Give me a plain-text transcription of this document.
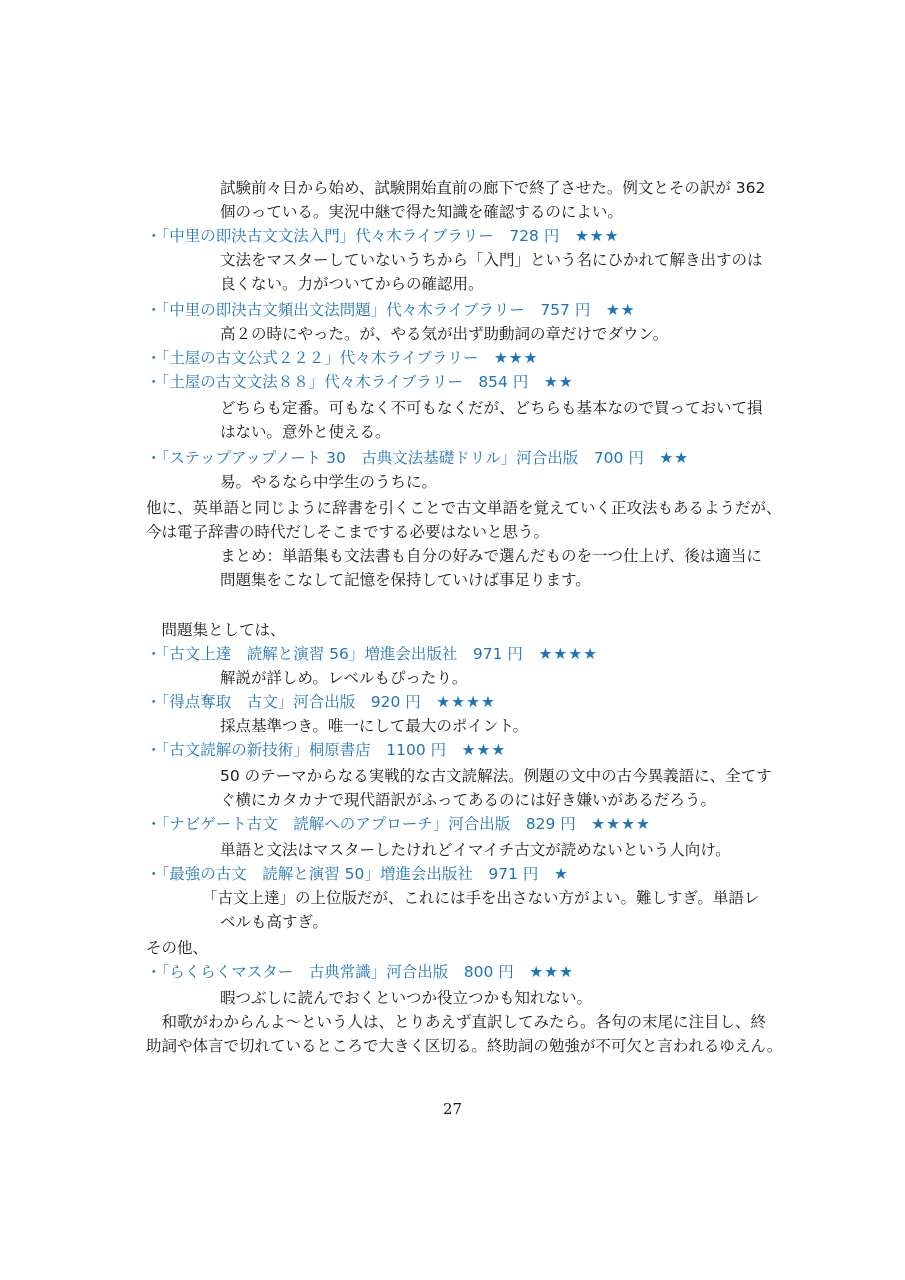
試験前々日から始め、試験開始直前の廊下で終了させた。例文とその訳が 362
個のっている。実況中継で得た知識を確認するのによい。
・「中里の即決古文文法入門」代々木ライブラリー　728 円　 ★★★
文法をマスターしていないうちから「入門」という名にひかれて解き出すのは
良くない。力がついてからの確認用。
・「中里の即決古文頻出文法問題」代々木ライブラリー　757 円　 ★★
高２の時にやった。が、やる気が出ず助動詞の章だけでダウン。
・「土屋の古文公式２２２」代々木ライブラリー　 ★★★
・「土屋の古文文法８８」代々木ライブラリー　854 円　 ★★
どちらも定番。可もなく不可もなくだが、どちらも基本なので買っておいて損
はない。意外と使える。
・「ステップアップノート 30　古典文法基礎ドリル」河合出版　700 円　 ★★
易。やるなら中学生のうちに。
他に、英単語と同じように辞書を引くことで古文単語を覚えていく正攻法もあるようだが、
今は電子辞書の時代だしそこまでする必要はないと思う。
まとめ：単語集も文法書も自分の好みで選んだものを一つ仕上げ、後は適当に
問題集をこなして記憶を保持していけば事足ります。
　問題集としては、
・「古文上達　読解と演習 56」増進会出版社　971 円　 ★★★★
解説が詳しめ。レベルもぴったり。
・「得点奪取　古文」河合出版　920 円　 ★★★★
採点基準つき。唯一にして最大のポイント。
・「古文読解の新技術」桐原書店　1100 円　 ★★★
50 のテーマからなる実戦的な古文読解法。例題の文中の古今異義語に、全てす
ぐ横にカタカナで現代語訳がふってあるのには好き嫌いがあるだろう。
・「ナビゲート古文　読解へのアプローチ」河合出版　829 円　 ★★★★
単語と文法はマスターしたけれどイマイチ古文が読めないという人向け。
・「最強の古文　読解と演習 50」増進会出版社　971 円　 ★
「古文上達」の上位版だが、これには手を出さない方がよい。難しすぎ。単語レ
ベルも高すぎ。
その他、
・「らくらくマスター　古典常識」河合出版　800 円　 ★★★
暇つぶしに読んでおくといつか役立つかも知れない。
　和歌がわからんよ～という人は、とりあえず直訳してみたら。各句の末尾に注目し、終
助詞や体言で切れているところで大きく区切る。終助詞の勉強が不可欠と言われるゆえん。
27
